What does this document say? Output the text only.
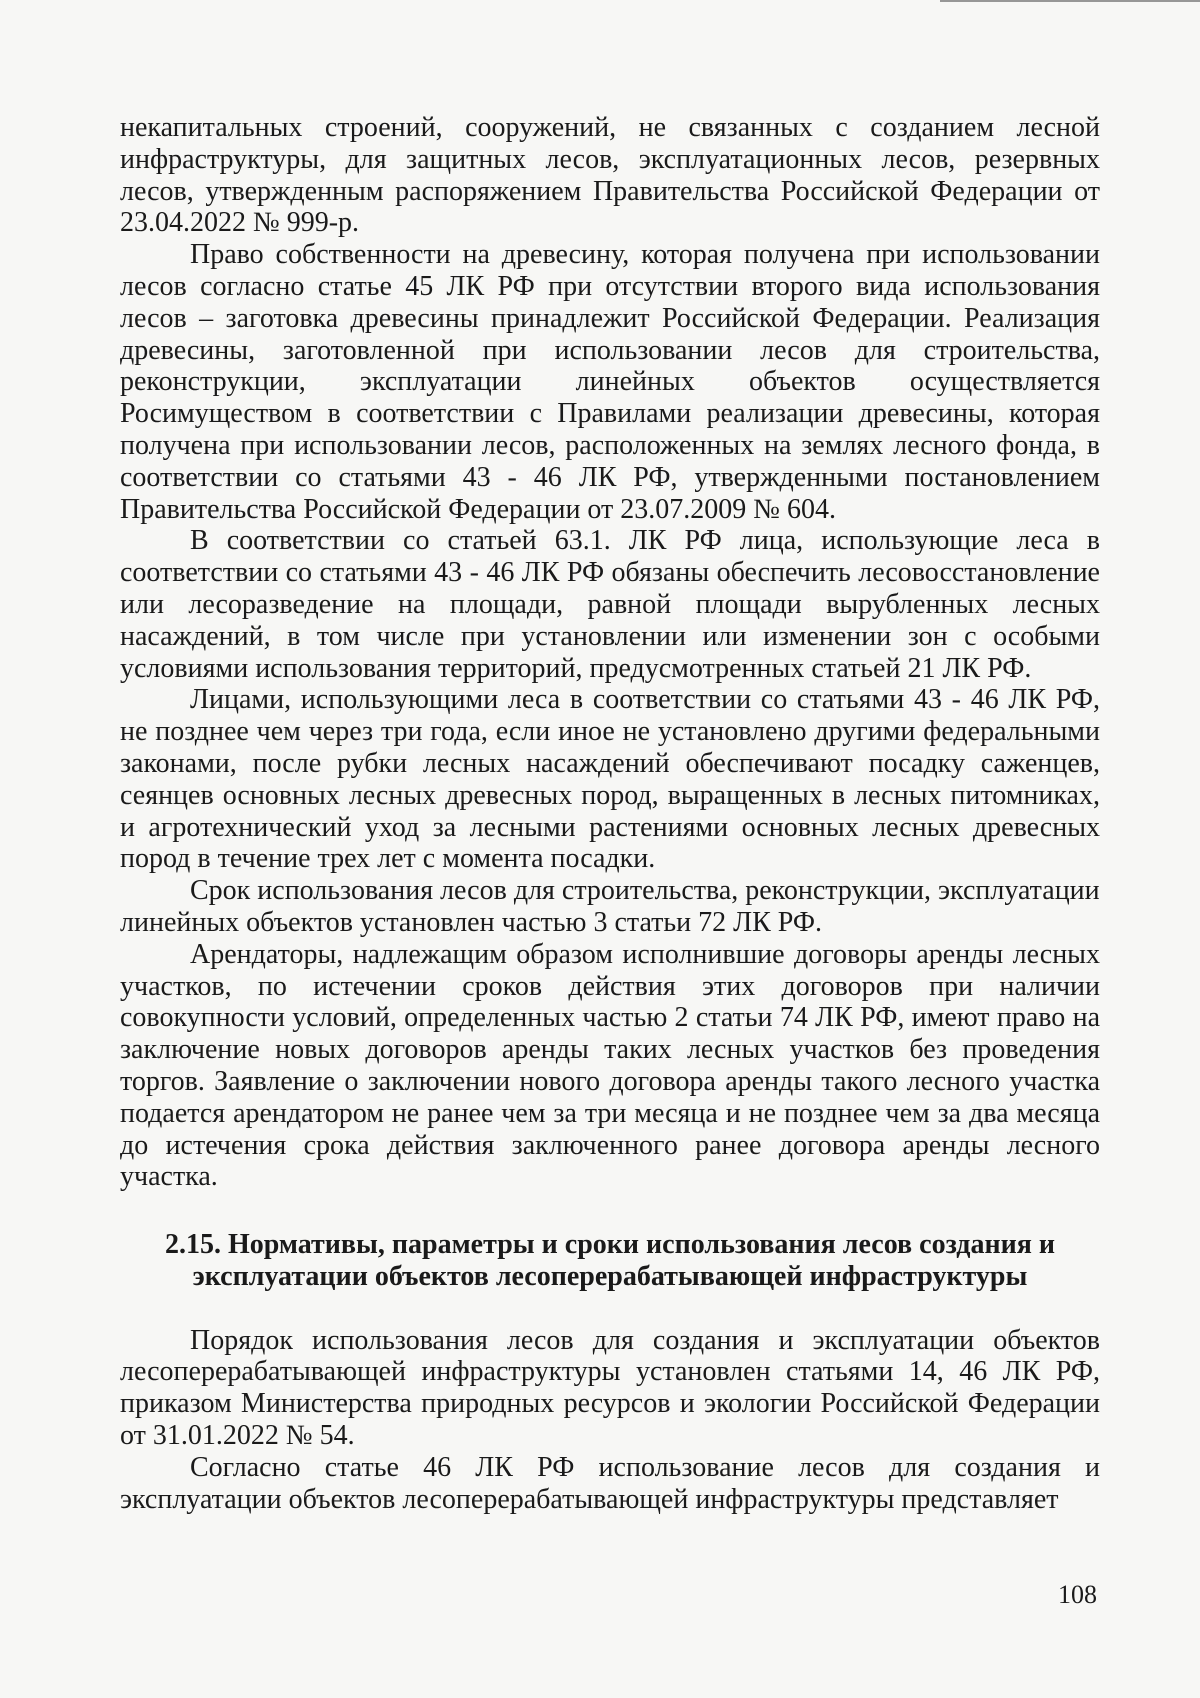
некапитальных строений, сооружений, не связанных с созданием лесной инфраструктуры, для защитных лесов, эксплуатационных лесов, резервных лесов, утвержденным распоряжением Правительства Российской Федерации от 23.04.2022 № 999-р.

Право собственности на древесину, которая получена при использовании лесов согласно статье 45 ЛК РФ при отсутствии второго вида использования лесов – заготовка древесины принадлежит Российской Федерации. Реализация древесины, заготовленной при использовании лесов для строительства, реконструкции, эксплуатации линейных объектов осуществляется Росимуществом в соответствии с Правилами реализации древесины, которая получена при использовании лесов, расположенных на землях лесного фонда, в соответствии со статьями 43 - 46 ЛК РФ, утвержденными постановлением Правительства Российской Федерации от 23.07.2009 № 604.

В соответствии со статьей 63.1. ЛК РФ лица, использующие леса в соответствии со статьями 43 - 46 ЛК РФ обязаны обеспечить лесовосстановление или лесоразведение на площади, равной площади вырубленных лесных насаждений, в том числе при установлении или изменении зон с особыми условиями использования территорий, предусмотренных статьей 21 ЛК РФ.

Лицами, использующими леса в соответствии со статьями 43 - 46 ЛК РФ, не позднее чем через три года, если иное не установлено другими федеральными законами, после рубки лесных насаждений обеспечивают посадку саженцев, сеянцев основных лесных древесных пород, выращенных в лесных питомниках, и агротехнический уход за лесными растениями основных лесных древесных пород в течение трех лет с момента посадки.

Срок использования лесов для строительства, реконструкции, эксплуатации линейных объектов установлен частью 3 статьи 72 ЛК РФ.

Арендаторы, надлежащим образом исполнившие договоры аренды лесных участков, по истечении сроков действия этих договоров при наличии совокупности условий, определенных частью 2 статьи 74 ЛК РФ, имеют право на заключение новых договоров аренды таких лесных участков без проведения торгов. Заявление о заключении нового договора аренды такого лесного участка подается арендатором не ранее чем за три месяца и не позднее чем за два месяца до истечения срока действия заключенного ранее договора аренды лесного участка.

2.15. Нормативы, параметры и сроки использования лесов создания и эксплуатации объектов лесоперерабатывающей инфраструктуры

Порядок использования лесов для создания и эксплуатации объектов лесоперерабатывающей инфраструктуры установлен статьями 14, 46 ЛК РФ, приказом Министерства природных ресурсов и экологии Российской Федерации от 31.01.2022 № 54.

Согласно статье 46 ЛК РФ использование лесов для создания и эксплуатации объектов лесоперерабатывающей инфраструктуры представляет

108
